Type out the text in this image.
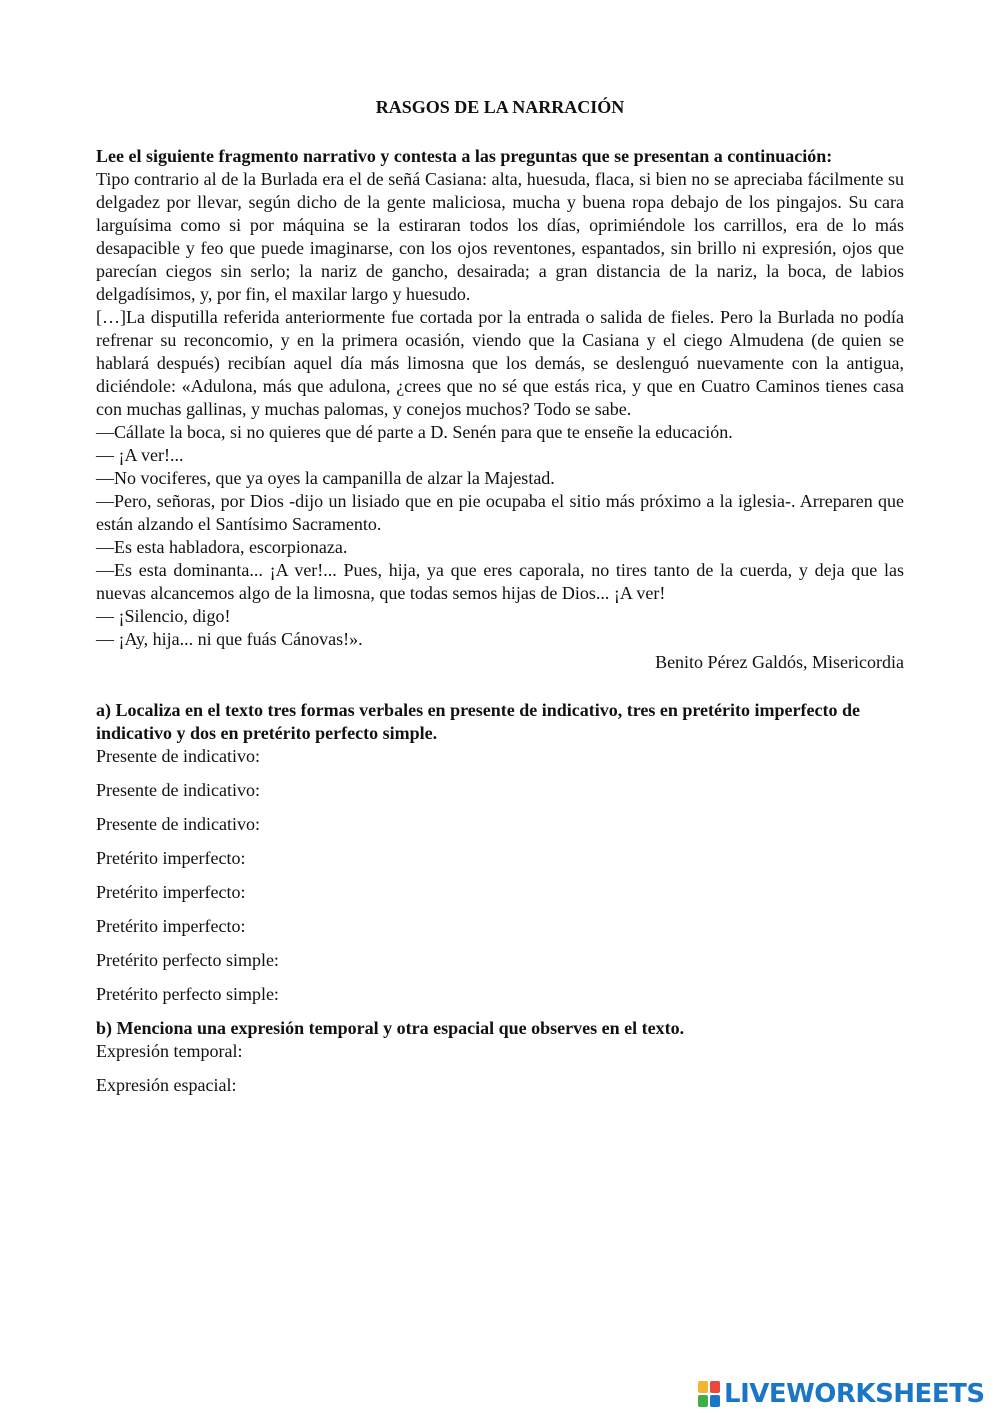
RASGOS DE LA NARRACIÓN

Lee el siguiente fragmento narrativo y contesta a las preguntas que se presentan a continuación:

Tipo contrario al de la Burlada era el de señá Casiana: alta, huesuda, flaca, si bien no se apreciaba fácilmente su delgadez por llevar, según dicho de la gente maliciosa, mucha y buena ropa debajo de los pingajos. Su cara larguísima como si por máquina se la estiraran todos los días, oprimiéndole los carrillos, era de lo más desapacible y feo que puede imaginarse, con los ojos reventones, espantados, sin brillo ni expresión, ojos que parecían ciegos sin serlo; la nariz de gancho, desairada; a gran distancia de la nariz, la boca, de labios delgadísimos, y, por fin, el maxilar largo y huesudo.

[…]La disputilla referida anteriormente fue cortada por la entrada o salida de fieles. Pero la Burlada no podía refrenar su reconcomio, y en la primera ocasión, viendo que la Casiana y el ciego Almudena (de quien se hablará después) recibían aquel día más limosna que los demás, se deslenguó nuevamente con la antigua, diciéndole: «Adulona, más que adulona, ¿crees que no sé que estás rica, y que en Cuatro Caminos tienes casa con muchas gallinas, y muchas palomas, y conejos muchos? Todo se sabe.

—Cállate la boca, si no quieres que dé parte a D. Senén para que te enseñe la educación.

— ¡A ver!...

—No vociferes, que ya oyes la campanilla de alzar la Majestad.

—Pero, señoras, por Dios -dijo un lisiado que en pie ocupaba el sitio más próximo a la iglesia-. Arreparen que están alzando el Santísimo Sacramento.

—Es esta habladora, escorpionaza.

—Es esta dominanta... ¡A ver!... Pues, hija, ya que eres caporala, no tires tanto de la cuerda, y deja que las nuevas alcancemos algo de la limosna, que todas semos hijas de Dios... ¡A ver!

— ¡Silencio, digo!

— ¡Ay, hija... ni que fuás Cánovas!».

Benito Pérez Galdós, Misericordia

a) Localiza en el texto tres formas verbales en presente de indicativo, tres en pretérito imperfecto de indicativo y dos en pretérito perfecto simple.

Presente de indicativo:

Presente de indicativo:

Presente de indicativo:

Pretérito imperfecto:

Pretérito imperfecto:

Pretérito imperfecto:

Pretérito perfecto simple:

Pretérito perfecto simple:

b) Menciona una expresión temporal y otra espacial que observes en el texto.

Expresión temporal:

Expresión espacial:

LIVEWORKSHEETS
